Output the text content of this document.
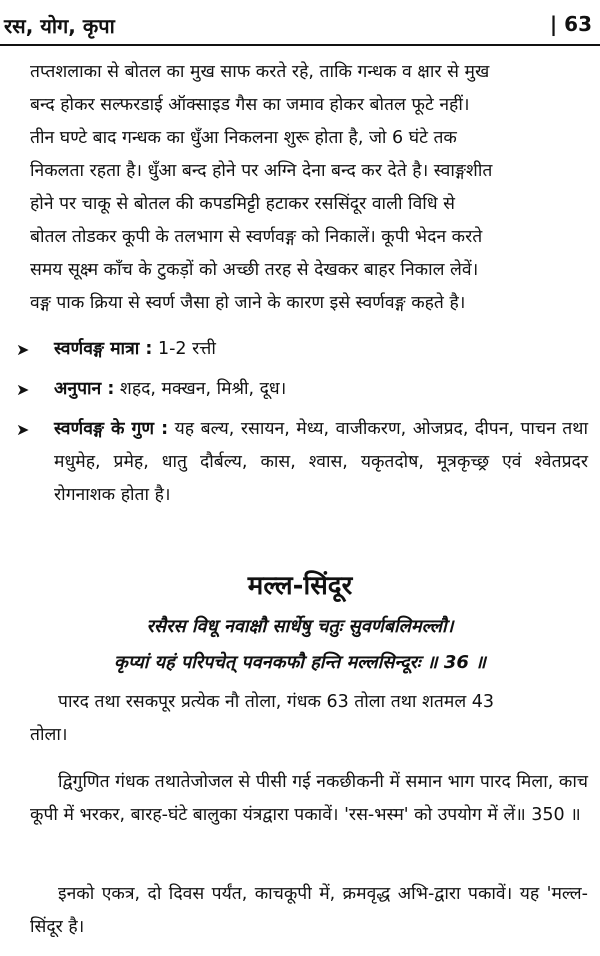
रस, योग, कृपा	| 63

तप्तशलाका से बोतल का मुख साफ करते रहे, ताकि गन्धक व क्षार से मुख

बन्द होकर सल्फरडाई ऑक्साइड गैस का जमाव होकर बोतल फूटे नहीं।

तीन घण्टे बाद गन्धक का धुँआ निकलना शुरू होता है, जो 6 घंटे तक

निकलता रहता है। धुँआ बन्द होने पर अग्नि देना बन्द कर देते है। स्वाङ्गशीत

होने पर चाकू से बोतल की कपडमिट्टी हटाकर रससिंदूर वाली विधि से

बोतल तोडकर कूपी के तलभाग से स्वर्णवङ्ग को निकालें। कूपी भेदन करते

समय सूक्ष्म काँच के टुकड़ों को अच्छी तरह से देखकर बाहर निकाल लेवें।

वङ्ग पाक क्रिया से स्वर्ण जैसा हो जाने के कारण इसे स्वर्णवङ्ग कहते है।

➤ स्वर्णवङ्ग मात्रा : 1-2 रत्ती
➤ अनुपान : शहद, मक्खन, मिश्री, दूध।
➤ स्वर्णवङ्ग के गुण : यह बल्य, रसायन, मेध्य, वाजीकरण, ओजप्रद, दीपन, पाचन तथा मधुमेह, प्रमेह, धातु दौर्बल्य, कास, श्वास, यकृतदोष, मूत्रकृच्छ्र एवं श्वेतप्रदर रोगनाशक होता है।
मल्ल-सिंदूर
रसैरस विधू नवाक्षौ सार्धेषु चतुः सुवर्णबलिमल्लौ।
कृप्यां यहं परिपचेत् पवनकफौ हन्ति मल्लसिन्दूरः ॥ 36 ॥

पारद तथा रसकपूर प्रत्येक नौ तोला, गंधक 63 तोला तथा शतमल 43

तोला।
द्विगुणित गंधक तथातेजोजल से पीसी गई नकछीकनी में समान भाग पारद मिला, काच कूपी में भरकर, बारह-घंटे बालुका यंत्रद्वारा पकावें। 'रस-भस्म' को उपयोग में लें॥ 350 ॥
इनको एकत्र, दो दिवस पर्यंत, काचकूपी में, क्रमवृद्ध अभि-द्वारा पकावें। यह 'मल्ल-सिंदूर है।
